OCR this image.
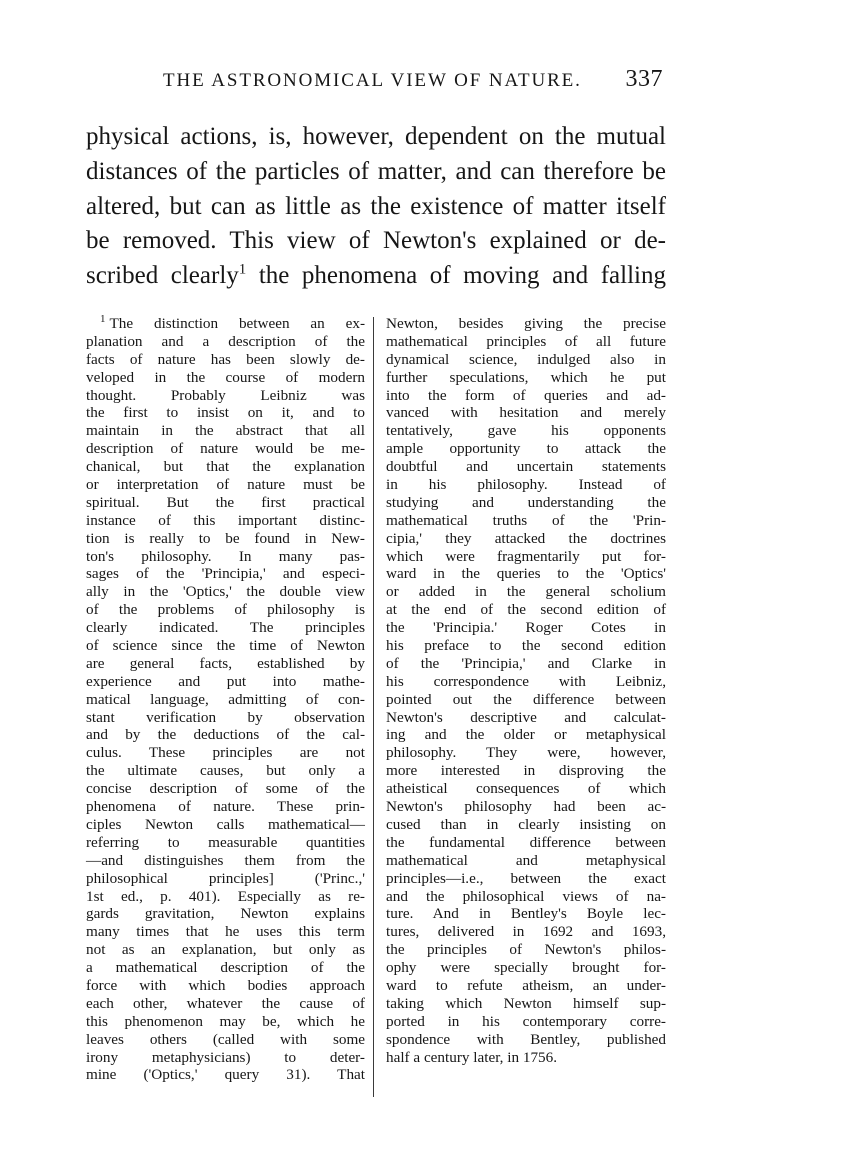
THE ASTRONOMICAL VIEW OF NATURE. 337
physical actions, is, however, dependent on the mutual
distances of the particles of matter, and can therefore be
altered, but can as little as the existence of matter itself
be removed. This view of Newton's explained or de-
scribed clearly$^1$ the phenomena of moving and falling
$^1$ The distinction between an ex-
planation and a description of the
facts of nature has been slowly de-
veloped in the course of modern
thought. Probably Leibniz was
the first to insist on it, and to
maintain in the abstract that all
description of nature would be me-
chanical, but that the explanation
or interpretation of nature must be
spiritual. But the first practical
instance of this important distinc-
tion is really to be found in New-
ton's philosophy. In many pas-
sages of the 'Principia,' and especi-
ally in the 'Optics,' the double view
of the problems of philosophy is
clearly indicated. The principles
of science since the time of Newton
are general facts, established by
experience and put into mathe-
matical language, admitting of con-
stant verification by observation
and by the deductions of the cal-
culus. These principles are not
the ultimate causes, but only a
concise description of some of the
phenomena of nature. These prin-
ciples Newton calls mathematical—
referring to measurable quantities
—and distinguishes them from the
philosophical principles] ('Princ.,'
1st ed., p. 401). Especially as re-
gards gravitation, Newton explains
many times that he uses this term
not as an explanation, but only as
a mathematical description of the
force with which bodies approach
each other, whatever the cause of
this phenomenon may be, which he
leaves others (called with some
irony metaphysicians) to deter-
mine ('Optics,' query 31). That
Newton, besides giving the precise
mathematical principles of all future
dynamical science, indulged also in
further speculations, which he put
into the form of queries and ad-
vanced with hesitation and merely
tentatively, gave his opponents
ample opportunity to attack the
doubtful and uncertain statements
in his philosophy. Instead of
studying and understanding the
mathematical truths of the 'Prin-
cipia,' they attacked the doctrines
which were fragmentarily put for-
ward in the queries to the 'Optics'
or added in the general scholium
at the end of the second edition of
the 'Principia.' Roger Cotes in
his preface to the second edition
of the 'Principia,' and Clarke in
his correspondence with Leibniz,
pointed out the difference between
Newton's descriptive and calculat-
ing and the older or metaphysical
philosophy. They were, however,
more interested in disproving the
atheistical consequences of which
Newton's philosophy had been ac-
cused than in clearly insisting on
the fundamental difference between
mathematical and metaphysical
principles—i.e., between the exact
and the philosophical views of na-
ture. And in Bentley's Boyle lec-
tures, delivered in 1692 and 1693,
the principles of Newton's philos-
ophy were specially brought for-
ward to refute atheism, an under-
taking which Newton himself sup-
ported in his contemporary corre-
spondence with Bentley, published
half a century later, in 1756.
